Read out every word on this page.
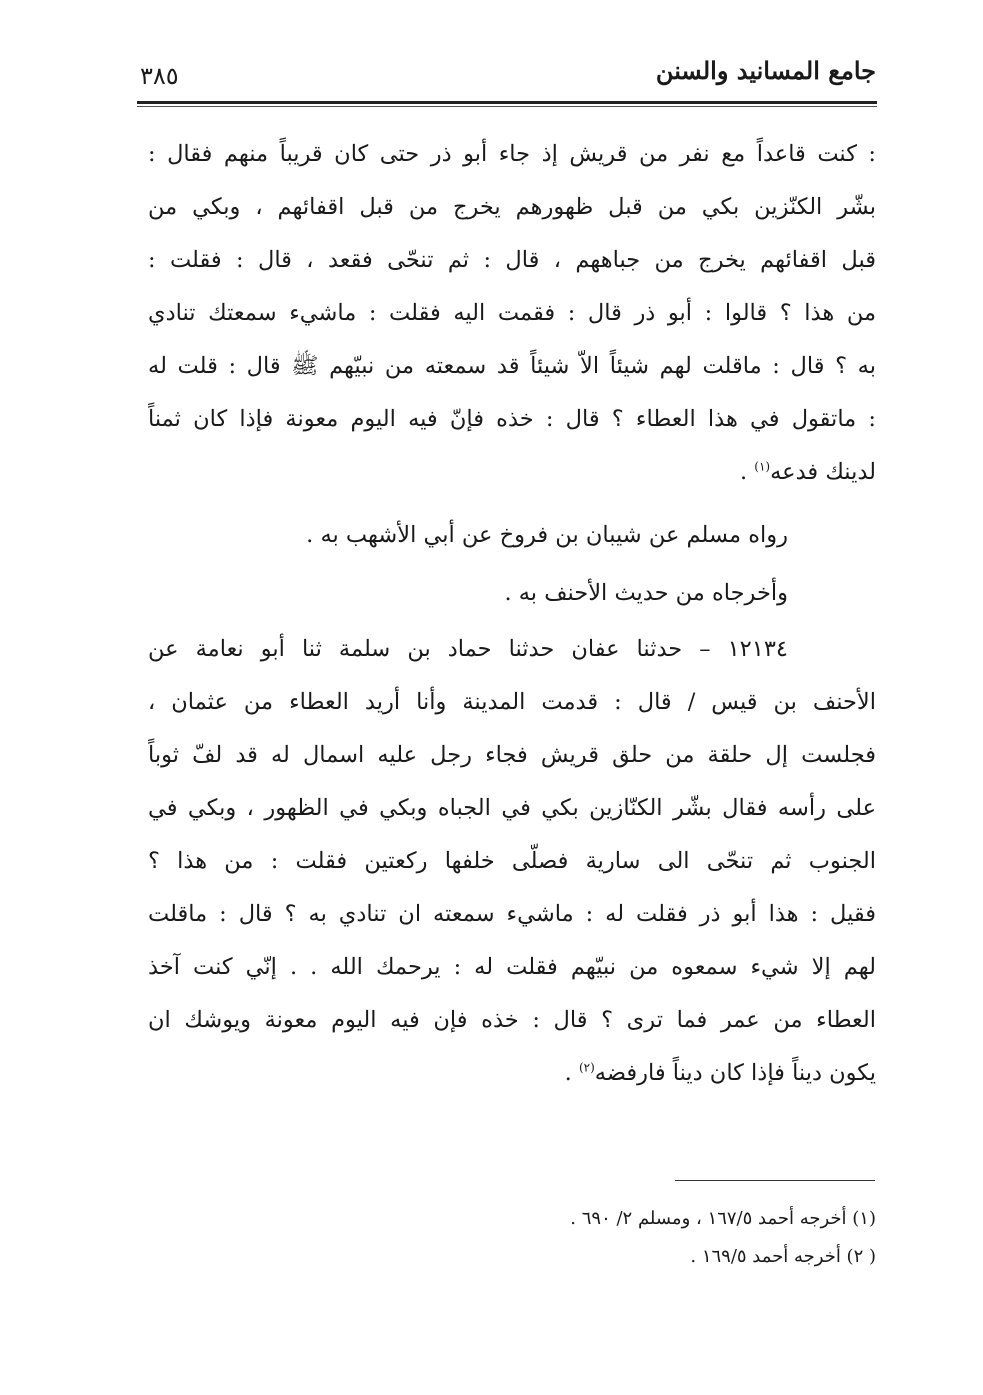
جامع المسانيد والسنن
٣٨٥
: كنت قاعداً مع نفر من قريش إذ جاء أبو ذر حتى كان قريباً منهم فقال :
بشّر الكنّزين بكي من قبل ظهورهم يخرج من قبل اقفائهم ، وبكي من
قبل اقفائهم يخرج من جباههم ، قال : ثم تنحّى فقعد ، قال : فقلت :
من هذا ؟ قالوا : أبو ذر قال : فقمت اليه فقلت : ماشيء سمعتك تنادي
به ؟ قال : ماقلت لهم شيئاً الاّ شيئاً قد سمعته من نبيّهم ﷺ قال : قلت له
: ماتقول في هذا العطاء ؟ قال : خذه فإنّ فيه اليوم معونة فإذا كان ثمناً
لدينك فدعه$^{(١)}$ .
رواه مسلم عن شيبان بن فروخ عن أبي الأشهب به .
وأخرجاه من حديث الأحنف به .
١٢١٣٤ – حدثنا عفان حدثنا حماد بن سلمة ثنا أبو نعامة عن
الأحنف بن قيس / قال : قدمت المدينة وأنا أريد العطاء من عثمان ،
فجلست إل حلقة من حلق قريش فجاء رجل عليه اسمال له قد لفّ ثوباً
على رأسه فقال بشّر الكنّازين بكي في الجباه وبكي في الظهور ، وبكي في
الجنوب ثم تنحّى الى سارية فصلّى خلفها ركعتين فقلت : من هذا ؟
فقيل : هذا أبو ذر فقلت له : ماشيء سمعته ان تنادي به ؟ قال : ماقلت
لهم إلا شيء سمعوه من نبيّهم فقلت له : يرحمك الله . . إنّي كنت آخذ
العطاء من عمر فما ترى ؟ قال : خذه فإن فيه اليوم معونة ويوشك ان
يكون ديناً فإذا كان ديناً فارفضه$^{(٢)}$ .
(١) أخرجه أحمد ١٦٧/٥ ، ومسلم ٢/ ٦٩٠ .
( ٢) أخرجه أحمد ١٦٩/٥ .
